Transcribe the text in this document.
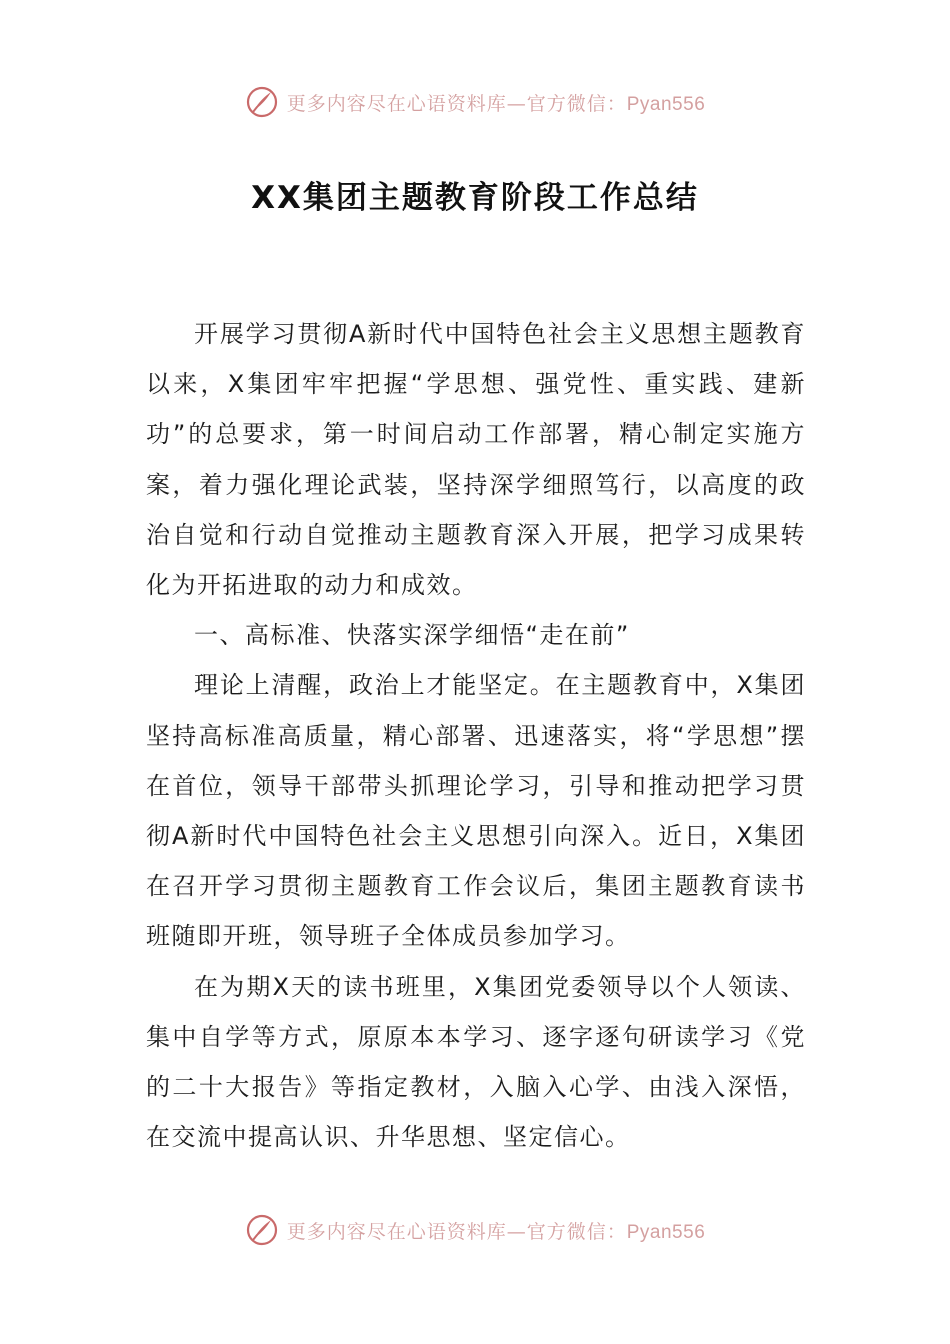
更多内容尽在心语资料库—官方微信：Pyan556
XX集团主题教育阶段工作总结

开展学习贯彻A新时代中国特色社会主义思想主题教育以来，X集团牢牢把握“学思想、强党性、重实践、建新功”的总要求，第一时间启动工作部署，精心制定实施方案，着力强化理论武装，坚持深学细照笃行，以高度的政治自觉和行动自觉推动主题教育深入开展，把学习成果转化为开拓进取的动力和成效。

一、高标准、快落实深学细悟“走在前”

理论上清醒，政治上才能坚定。在主题教育中，X集团坚持高标准高质量，精心部署、迅速落实，将“学思想”摆在首位，领导干部带头抓理论学习，引导和推动把学习贯彻A新时代中国特色社会主义思想引向深入。近日，X集团在召开学习贯彻主题教育工作会议后，集团主题教育读书班随即开班，领导班子全体成员参加学习。

在为期X天的读书班里，X集团党委领导以个人领读、集中自学等方式，原原本本学习、逐字逐句研读学习《党的二十大报告》等指定教材，入脑入心学、由浅入深悟，在交流中提高认识、升华思想、坚定信心。

更多内容尽在心语资料库—官方微信：Pyan556
